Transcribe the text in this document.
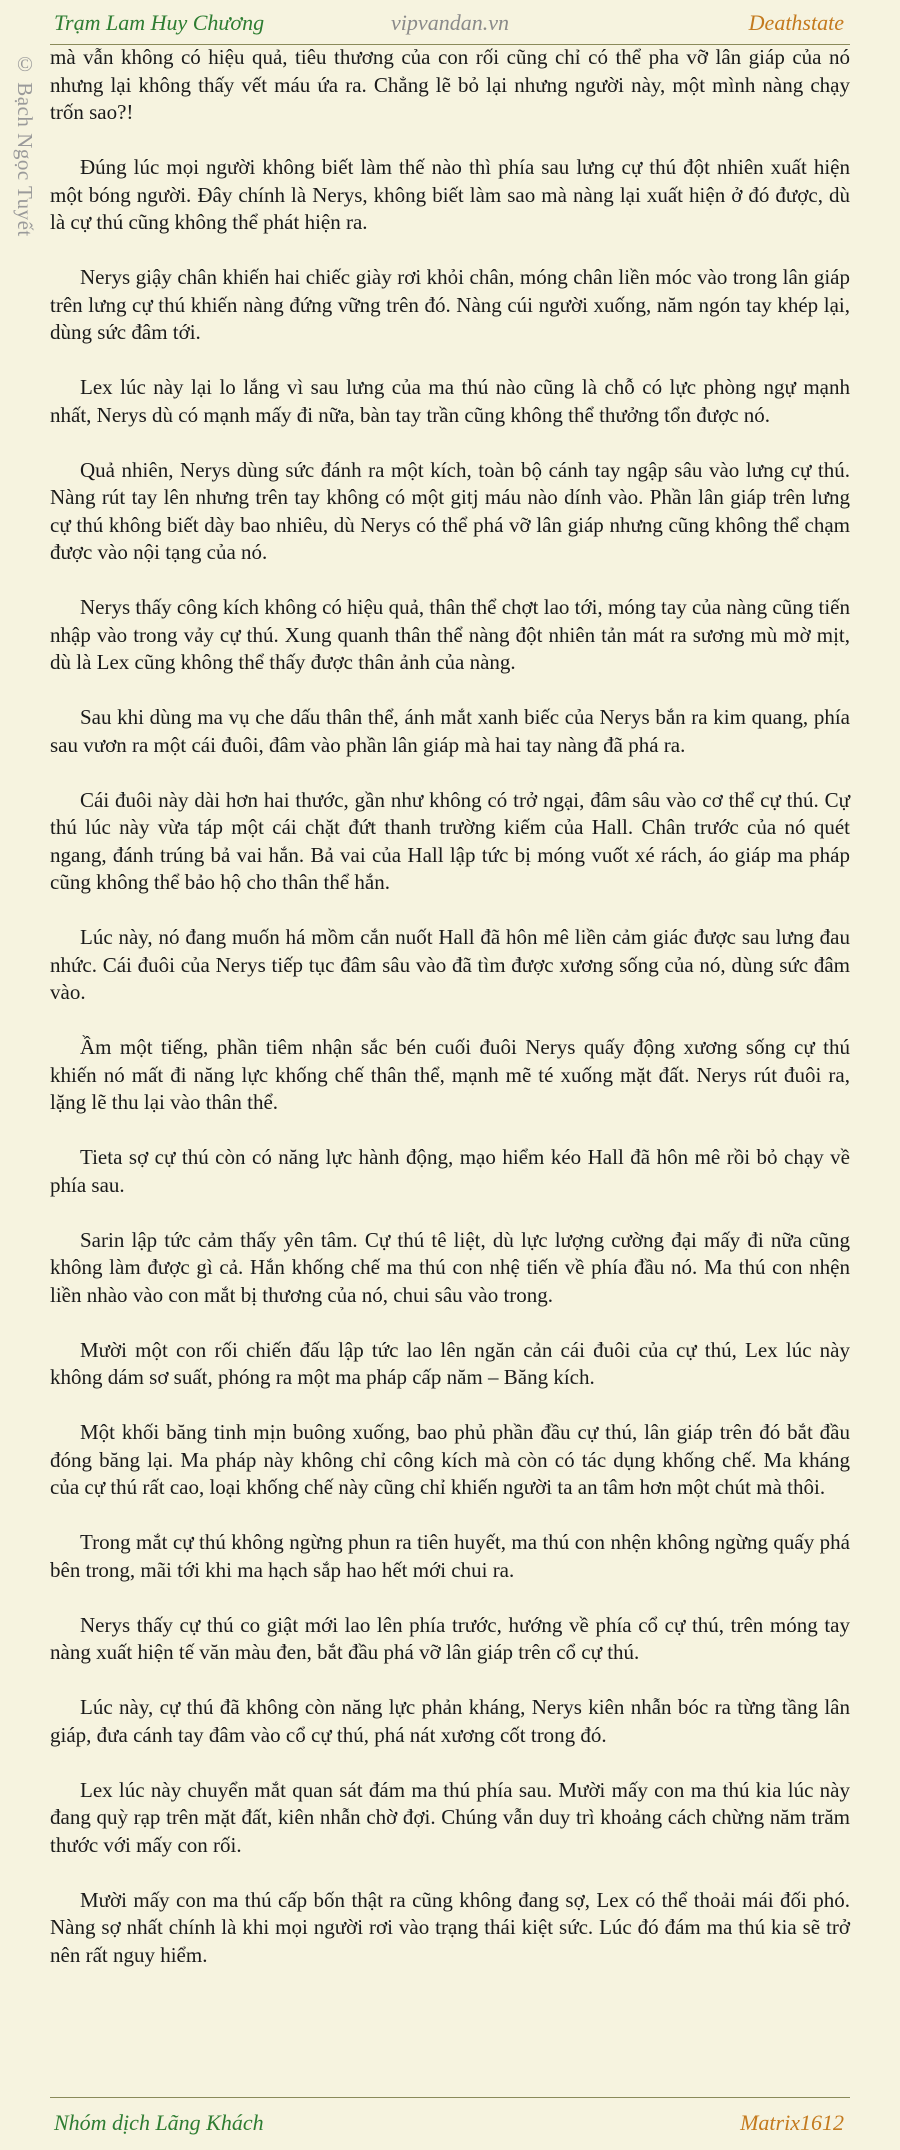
Trạm Lam Huy Chương	vipvandan.vn	Deathstate
© Bạch Ngọc Tuyết mà vẫn không có hiệu quả, tiêu thương của con rối cũng chỉ có thể pha vỡ lân giáp của nó nhưng lại không thấy vết máu ứa ra. Chẳng lẽ bỏ lại nhưng người này, một mình nàng chạy trốn sao?!

Đúng lúc mọi người không biết làm thế nào thì phía sau lưng cự thú đột nhiên xuất hiện một bóng người. Đây chính là Nerys, không biết làm sao mà nàng lại xuất hiện ở đó được, dù là cự thú cũng không thể phát hiện ra.

Nerys giậy chân khiến hai chiếc giày rơi khỏi chân, móng chân liền móc vào trong lân giáp trên lưng cự thú khiến nàng đứng vững trên đó. Nàng cúi người xuống, năm ngón tay khép lại, dùng sức đâm tới.

Lex lúc này lại lo lắng vì sau lưng của ma thú nào cũng là chỗ có lực phòng ngự mạnh nhất, Nerys dù có mạnh mấy đi nữa, bàn tay trần cũng không thể thưởng tổn được nó.

Quả nhiên, Nerys dùng sức đánh ra một kích, toàn bộ cánh tay ngập sâu vào lưng cự thú. Nàng rút tay lên nhưng trên tay không có một gitj máu nào dính vào. Phần lân giáp trên lưng cự thú không biết dày bao nhiêu, dù Nerys có thể phá vỡ lân giáp nhưng cũng không thể chạm được vào nội tạng của nó.

Nerys thấy công kích không có hiệu quả, thân thể chợt lao tới, móng tay của nàng cũng tiến nhập vào trong vảy cự thú. Xung quanh thân thể nàng đột nhiên tản mát ra sương mù mờ mịt, dù là Lex cũng không thể thấy được thân ảnh của nàng.

Sau khi dùng ma vụ che dấu thân thể, ánh mắt xanh biếc của Nerys bắn ra kim quang, phía sau vươn ra một cái đuôi, đâm vào phần lân giáp mà hai tay nàng đã phá ra.

Cái đuôi này dài hơn hai thước, gần như không có trở ngại, đâm sâu vào cơ thể cự thú. Cự thú lúc này vừa táp một cái chặt đứt thanh trường kiếm của Hall. Chân trước của nó quét ngang, đánh trúng bả vai hắn. Bả vai của Hall lập tức bị móng vuốt xé rách, áo giáp ma pháp cũng không thể bảo hộ cho thân thể hắn.

Lúc này, nó đang muốn há mồm cắn nuốt Hall đã hôn mê liền cảm giác được sau lưng đau nhức. Cái đuôi của Nerys tiếp tục đâm sâu vào đã tìm được xương sống của nó, dùng sức đâm vào.

Ầm một tiếng, phần tiêm nhận sắc bén cuối đuôi Nerys quấy động xương sống cự thú khiến nó mất đi năng lực khống chế thân thể, mạnh mẽ té xuống mặt đất. Nerys rút đuôi ra, lặng lẽ thu lại vào thân thể.

Tieta sợ cự thú còn có năng lực hành động, mạo hiểm kéo Hall đã hôn mê rồi bỏ chạy về phía sau.

Sarin lập tức cảm thấy yên tâm. Cự thú tê liệt, dù lực lượng cường đại mấy đi nữa cũng không làm được gì cả. Hắn khống chế ma thú con nhệ tiến về phía đầu nó. Ma thú con nhện liền nhào vào con mắt bị thương của nó, chui sâu vào trong.

Mười một con rối chiến đấu lập tức lao lên ngăn cản cái đuôi của cự thú, Lex lúc này không dám sơ suất, phóng ra một ma pháp cấp năm – Băng kích.

Một khối băng tinh mịn buông xuống, bao phủ phần đầu cự thú, lân giáp trên đó bắt đầu đóng băng lại. Ma pháp này không chỉ công kích mà còn có tác dụng khống chế. Ma kháng của cự thú rất cao, loại khống chế này cũng chỉ khiến người ta an tâm hơn một chút mà thôi.

Trong mắt cự thú không ngừng phun ra tiên huyết, ma thú con nhện không ngừng quấy phá bên trong, mãi tới khi ma hạch sắp hao hết mới chui ra.

Nerys thấy cự thú co giật mới lao lên phía trước, hướng về phía cổ cự thú, trên móng tay nàng xuất hiện tế văn màu đen, bắt đầu phá vỡ lân giáp trên cổ cự thú.

Lúc này, cự thú đã không còn năng lực phản kháng, Nerys kiên nhẫn bóc ra từng tầng lân giáp, đưa cánh tay đâm vào cổ cự thú, phá nát xương cốt trong đó.

Lex lúc này chuyển mắt quan sát đám ma thú phía sau. Mười mấy con ma thú kia lúc này đang quỳ rạp trên mặt đất, kiên nhẫn chờ đợi. Chúng vẫn duy trì khoảng cách chừng năm trăm thước với mấy con rối.

Mười mấy con ma thú cấp bốn thật ra cũng không đang sợ, Lex có thể thoải mái đối phó. Nàng sợ nhất chính là khi mọi người rơi vào trạng thái kiệt sức. Lúc đó đám ma thú kia sẽ trở nên rất nguy hiểm.

Nhóm dịch Lãng Khách	Matrix1612
